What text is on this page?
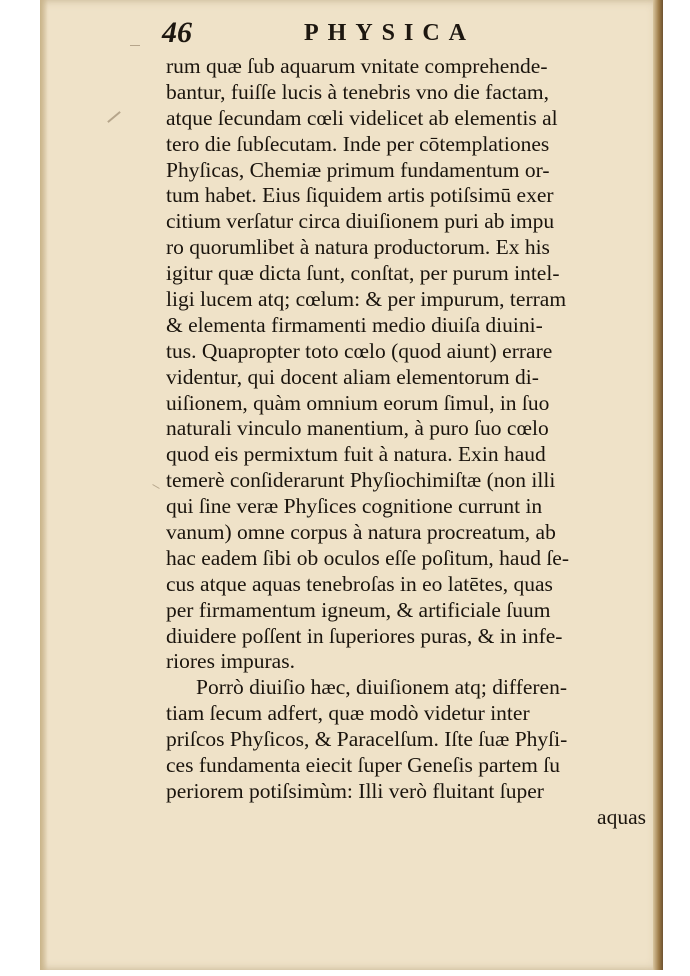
46	PHYSICA
rum quæ ſub aquarum vnitate comprehende-
bantur, fuiſſe lucis à tenebris vno die factam,
atque ſecundam cœli videlicet ab elementis al
tero die ſubſecutam. Inde per cōtemplationes
Phyſicas, Chemiæ primum fundamentum or-
tum habet. Eius ſiquidem artis potiſsimū exer
citium verſatur circa diuiſionem puri ab impu
ro quorumlibet à natura productorum. Ex his
igitur quæ dicta ſunt, conſtat, per purum intel-
ligi lucem atq; cœlum: & per impurum, terram
& elementa firmamenti medio diuiſa diuini-
tus. Quapropter toto cœlo (quod aiunt) errare
videntur, qui docent aliam elementorum di-
uiſionem, quàm omnium eorum ſimul, in ſuo
naturali vinculo manentium, à puro ſuo cœlo
quod eis permixtum fuit à natura. Exin haud
temerè conſiderarunt Phyſiochimiſtæ (non illi
qui ſine veræ Phyſices cognitione currunt in
vanum) omne corpus à natura procreatum, ab
hac eadem ſibi ob oculos eſſe poſitum, haud ſe-
cus atque aquas tenebroſas in eo latētes, quas
per firmamentum igneum, & artificiale ſuum
diuidere poſſent in ſuperiores puras, & in infe-
riores impuras.
Porrò diuiſio hæc, diuiſionem atq; differen-
tiam ſecum adfert, quæ modò videtur inter
priſcos Phyſicos, & Paracelſum. Iſte ſuæ Phyſi-
ces fundamenta eiecit ſuper Geneſis partem ſu
periorem potiſsimùm: Illi verò fluitant ſuper
aquas
